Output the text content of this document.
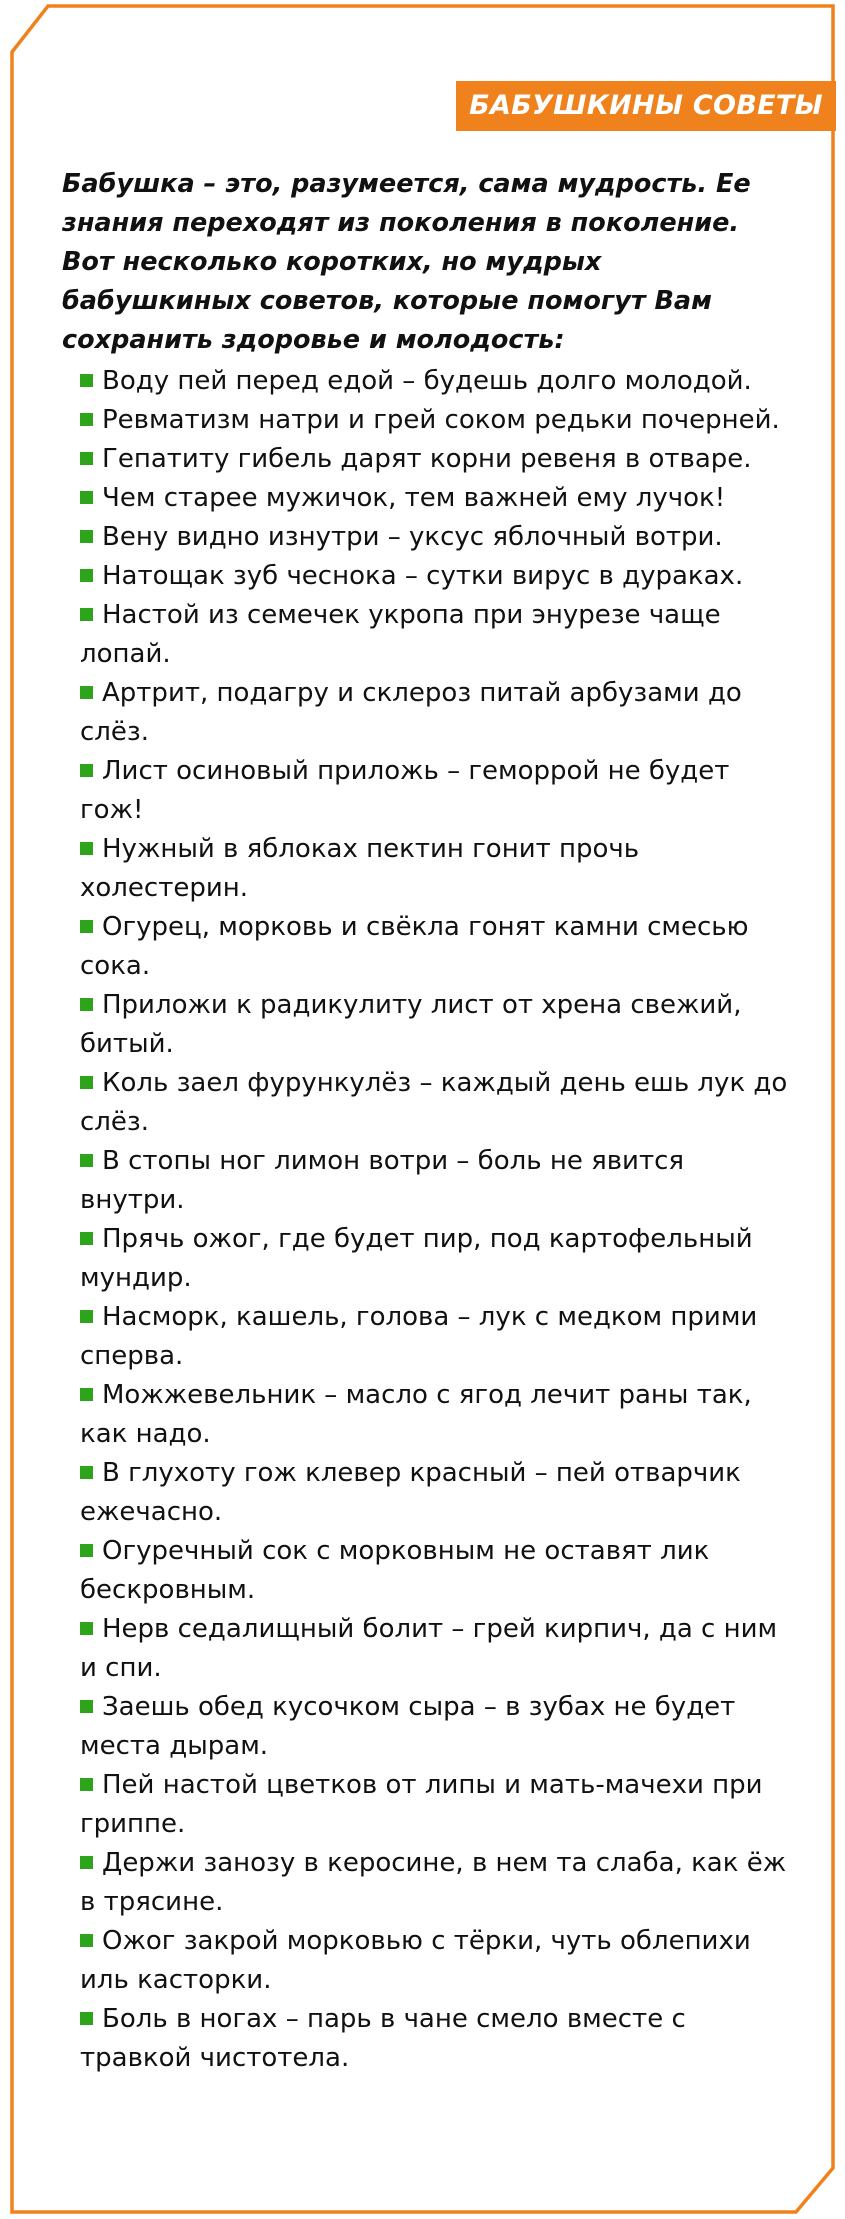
БАБУШКИНЫ СОВЕТЫ

Бабушка – это, разумеется, сама мудрость. Ее знания переходят из поколения в поколение. Вот несколько коротких, но мудрых бабушкиных советов, которые помогут Вам сохранить здоровье и молодость:

Воду пей перед едой – будешь долго молодой.
Ревматизм натри и грей соком редьки почерней.
Гепатиту гибель дарят корни ревеня в отваре.
Чем старее мужичок, тем важней ему лучок!
Вену видно изнутри – уксус яблочный вотри.
Натощак зуб чеснока – сутки вирус в дураках.
Настой из семечек укропа при энурезе чаще лопай.
Артрит, подагру и склероз питай арбузами до слёз.
Лист осиновый приложь – геморрой не будет гож!
Нужный в яблоках пектин гонит прочь холестерин.
Огурец, морковь и свёкла гонят камни смесью сока.
Приложи к радикулиту лист от хрена свежий, битый.
Коль заел фурункулёз – каждый день ешь лук до слёз.
В стопы ног лимон вотри – боль не явится внутри.
Прячь ожог, где будет пир, под картофельный мундир.
Насморк, кашель, голова – лук с медком прими сперва.
Можжевельник – масло с ягод лечит раны так, как надо.
В глухоту гож клевер красный – пей отварчик ежечасно.
Огуречный сок с морковным не оставят лик бескровным.
Нерв седалищный болит – грей кирпич, да с ним и спи.
Заешь обед кусочком сыра – в зубах не будет места дырам.
Пей настой цветков от липы и мать-мачехи при гриппе.
Держи занозу в керосине, в нем та слаба, как ёж в трясине.
Ожог закрой морковью с тёрки, чуть облепихи иль касторки.
Боль в ногах – парь в чане смело вместе с травкой чистотела.
